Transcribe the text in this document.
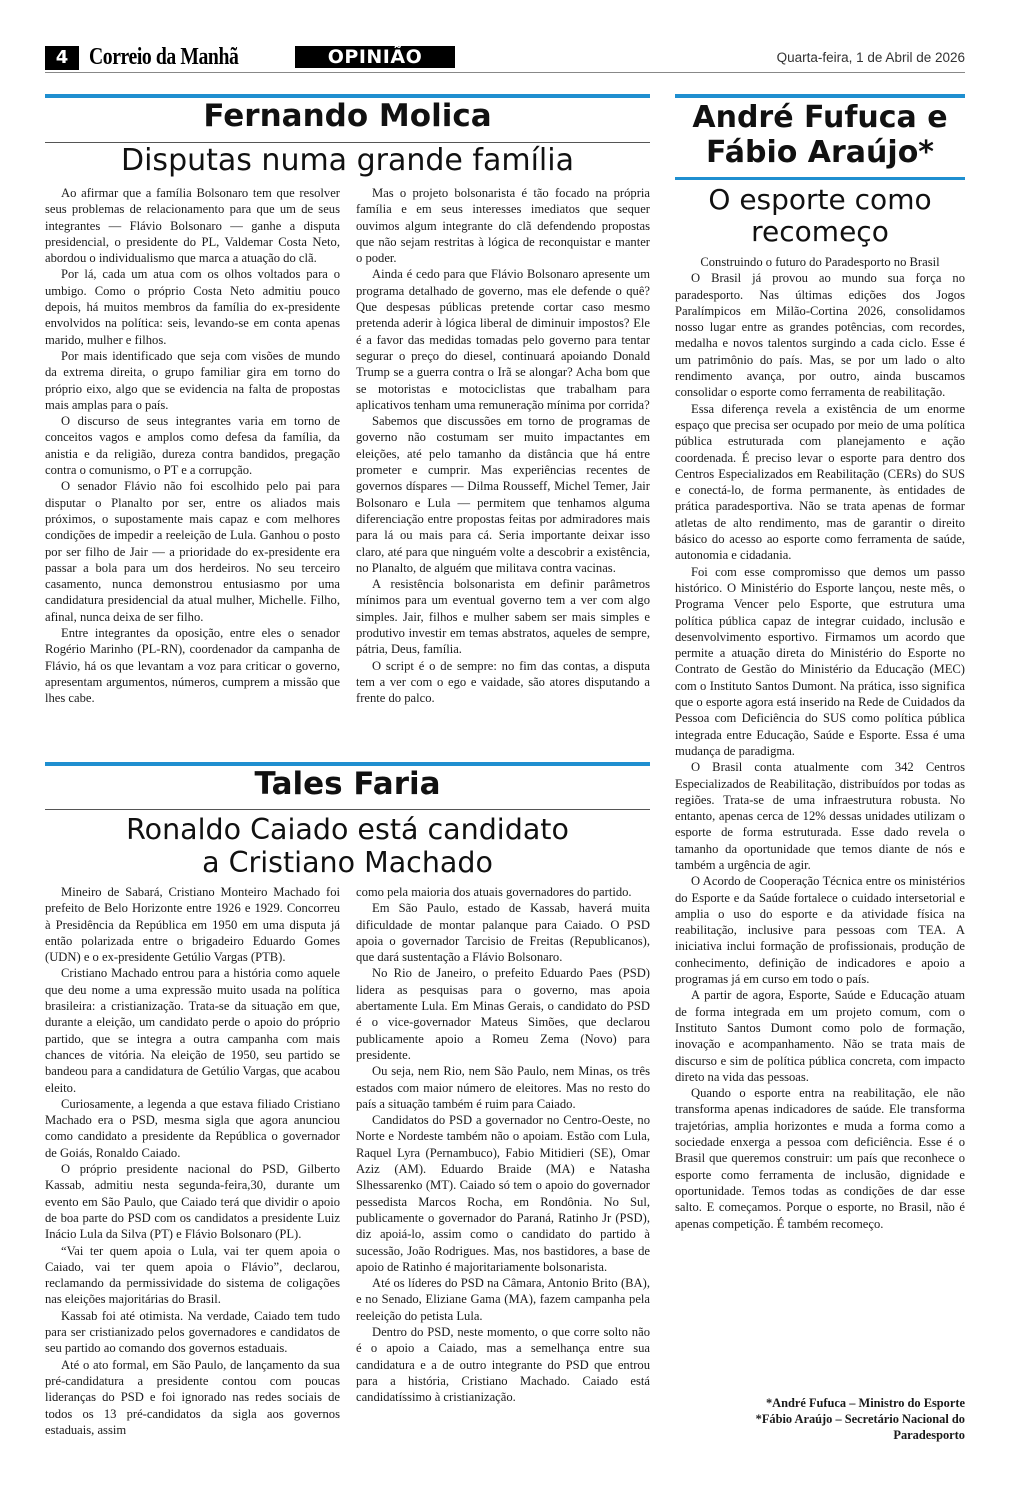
4 Correio da Manhã	OPINIÃO	Quarta-feira, 1 de Abril de 2026
Fernando Molica
Disputas numa grande família

Ao afirmar que a família Bolsonaro tem que resolver seus problemas de relacionamento para que um de seus integrantes — Flávio Bolsonaro — ganhe a disputa presidencial, o presidente do PL, Valdemar Costa Neto, abordou o individualismo que marca a atuação do clã.

Por lá, cada um atua com os olhos voltados para o umbigo. Como o próprio Costa Neto admitiu pouco depois, há muitos membros da família do ex-presidente envolvidos na política: seis, levando-se em conta apenas marido, mulher e filhos.

Por mais identificado que seja com visões de mundo da extrema direita, o grupo familiar gira em torno do próprio eixo, algo que se evidencia na falta de propostas mais amplas para o país.

O discurso de seus integrantes varia em torno de conceitos vagos e amplos como defesa da família, da anistia e da religião, dureza contra bandidos, pregação contra o comunismo, o PT e a corrupção.

O senador Flávio não foi escolhido pelo pai para disputar o Planalto por ser, entre os aliados mais próximos, o supostamente mais capaz e com melhores condições de impedir a reeleição de Lula. Ganhou o posto por ser filho de Jair — a prioridade do ex-presidente era passar a bola para um dos herdeiros. No seu terceiro casamento, nunca demonstrou entusiasmo por uma candidatura presidencial da atual mulher, Michelle. Filho, afinal, nunca deixa de ser filho.

Entre integrantes da oposição, entre eles o senador Rogério Marinho (PL-RN), coordenador da campanha de Flávio, há os que levantam a voz para criticar o governo, apresentam argumentos, números, cumprem a missão que lhes cabe.

Mas o projeto bolsonarista é tão focado na própria família e em seus interesses imediatos que sequer ouvimos algum integrante do clã defendendo propostas que não sejam restritas à lógica de reconquistar e manter o poder.

Ainda é cedo para que Flávio Bolsonaro apresente um programa detalhado de governo, mas ele defende o quê? Que despesas públicas pretende cortar caso mesmo pretenda aderir à lógica liberal de diminuir impostos? Ele é a favor das medidas tomadas pelo governo para tentar segurar o preço do diesel, continuará apoiando Donald Trump se a guerra contra o Irã se alongar? Acha bom que se motoristas e motociclistas que trabalham para aplicativos tenham uma remuneração mínima por corrida?

Sabemos que discussões em torno de programas de governo não costumam ser muito impactantes em eleições, até pelo tamanho da distância que há entre prometer e cumprir. Mas experiências recentes de governos díspares — Dilma Rousseff, Michel Temer, Jair Bolsonaro e Lula — permitem que tenhamos alguma diferenciação entre propostas feitas por admiradores mais para lá ou mais para cá. Seria importante deixar isso claro, até para que ninguém volte a descobrir a existência, no Planalto, de alguém que militava contra vacinas.

A resistência bolsonarista em definir parâmetros mínimos para um eventual governo tem a ver com algo simples. Jair, filhos e mulher sabem ser mais simples e produtivo investir em temas abstratos, aqueles de sempre, pátria, Deus, família.

O script é o de sempre: no fim das contas, a disputa tem a ver com o ego e vaidade, são atores disputando a frente do palco.

Tales Faria
Ronaldo Caiado está candidato
a Cristiano Machado

Mineiro de Sabará, Cristiano Monteiro Machado foi prefeito de Belo Horizonte entre 1926 e 1929. Concorreu à Presidência da República em 1950 em uma disputa já então polarizada entre o brigadeiro Eduardo Gomes (UDN) e o ex-presidente Getúlio Vargas (PTB).

Cristiano Machado entrou para a história como aquele que deu nome a uma expressão muito usada na política brasileira: a cristianização. Trata-se da situação em que, durante a eleição, um candidato perde o apoio do próprio partido, que se integra a outra campanha com mais chances de vitória. Na eleição de 1950, seu partido se bandeou para a candidatura de Getúlio Vargas, que acabou eleito.

Curiosamente, a legenda a que estava filiado Cristiano Machado era o PSD, mesma sigla que agora anunciou como candidato a presidente da República o governador de Goiás, Ronaldo Caiado.

O próprio presidente nacional do PSD, Gilberto Kassab, admitiu nesta segunda-feira,30, durante um evento em São Paulo, que Caiado terá que dividir o apoio de boa parte do PSD com os candidatos a presidente Luiz Inácio Lula da Silva (PT) e Flávio Bolsonaro (PL).

“Vai ter quem apoia o Lula, vai ter quem apoia o Caiado, vai ter quem apoia o Flávio”, declarou, reclamando da permissividade do sistema de coligações nas eleições majoritárias do Brasil.

Kassab foi até otimista. Na verdade, Caiado tem tudo para ser cristianizado pelos governadores e candidatos de seu partido ao comando dos governos estaduais.

Até o ato formal, em São Paulo, de lançamento da sua pré-candidatura a presidente contou com poucas lideranças do PSD e foi ignorado nas redes sociais de todos os 13 pré-candidatos da sigla aos governos estaduais, assim

como pela maioria dos atuais governadores do partido.

Em São Paulo, estado de Kassab, haverá muita dificuldade de montar palanque para Caiado. O PSD apoia o governador Tarcisio de Freitas (Republicanos), que dará sustentação a Flávio Bolsonaro.

No Rio de Janeiro, o prefeito Eduardo Paes (PSD) lidera as pesquisas para o governo, mas apoia abertamente Lula. Em Minas Gerais, o candidato do PSD é o vice-governador Mateus Simões, que declarou publicamente apoio a Romeu Zema (Novo) para presidente.

Ou seja, nem Rio, nem São Paulo, nem Minas, os três estados com maior número de eleitores. Mas no resto do país a situação também é ruim para Caiado.

Candidatos do PSD a governador no Centro-Oeste, no Norte e Nordeste também não o apoiam. Estão com Lula, Raquel Lyra (Pernambuco), Fabio Mitidieri (SE), Omar Aziz (AM). Eduardo Braide (MA) e Natasha Slhessarenko (MT). Caiado só tem o apoio do governador pessedista Marcos Rocha, em Rondônia. No Sul, publicamente o governador do Paraná, Ratinho Jr (PSD), diz apoiá-lo, assim como o candidato do partido à sucessão, João Rodrigues. Mas, nos bastidores, a base de apoio de Ratinho é majoritariamente bolsonarista.

Até os líderes do PSD na Câmara, Antonio Brito (BA), e no Senado, Eliziane Gama (MA), fazem campanha pela reeleição do petista Lula.

Dentro do PSD, neste momento, o que corre solto não é o apoio a Caiado, mas a semelhança entre sua candidatura e a de outro integrante do PSD que entrou para a história, Cristiano Machado. Caiado está candidatíssimo à cristianização.

André Fufuca e
Fábio Araújo*
O esporte como
recomeço

Construindo o futuro do Paradesporto no Brasil

O Brasil já provou ao mundo sua força no paradesporto. Nas últimas edições dos Jogos Paralímpicos em Milão-Cortina 2026, consolidamos nosso lugar entre as grandes potências, com recordes, medalha e novos talentos surgindo a cada ciclo. Esse é um patrimônio do país. Mas, se por um lado o alto rendimento avança, por outro, ainda buscamos consolidar o esporte como ferramenta de reabilitação.

Essa diferença revela a existência de um enorme espaço que precisa ser ocupado por meio de uma política pública estruturada com planejamento e ação coordenada. É preciso levar o esporte para dentro dos Centros Especializados em Reabilitação (CERs) do SUS e conectá-lo, de forma permanente, às entidades de prática paradesportiva. Não se trata apenas de formar atletas de alto rendimento, mas de garantir o direito básico do acesso ao esporte como ferramenta de saúde, autonomia e cidadania.

Foi com esse compromisso que demos um passo histórico. O Ministério do Esporte lançou, neste mês, o Programa Vencer pelo Esporte, que estrutura uma política pública capaz de integrar cuidado, inclusão e desenvolvimento esportivo. Firmamos um acordo que permite a atuação direta do Ministério do Esporte no Contrato de Gestão do Ministério da Educação (MEC) com o Instituto Santos Dumont. Na prática, isso significa que o esporte agora está inserido na Rede de Cuidados da Pessoa com Deficiência do SUS como política pública integrada entre Educação, Saúde e Esporte. Essa é uma mudança de paradigma.

O Brasil conta atualmente com 342 Centros Especializados de Reabilitação, distribuídos por todas as regiões. Trata-se de uma infraestrutura robusta. No entanto, apenas cerca de 12% dessas unidades utilizam o esporte de forma estruturada. Esse dado revela o tamanho da oportunidade que temos diante de nós e também a urgência de agir.

O Acordo de Cooperação Técnica entre os ministérios do Esporte e da Saúde fortalece o cuidado intersetorial e amplia o uso do esporte e da atividade física na reabilitação, inclusive para pessoas com TEA. A iniciativa inclui formação de profissionais, produção de conhecimento, definição de indicadores e apoio a programas já em curso em todo o país.

A partir de agora, Esporte, Saúde e Educação atuam de forma integrada em um projeto comum, com o Instituto Santos Dumont como polo de formação, inovação e acompanhamento. Não se trata mais de discurso e sim de política pública concreta, com impacto direto na vida das pessoas.

Quando o esporte entra na reabilitação, ele não transforma apenas indicadores de saúde. Ele transforma trajetórias, amplia horizontes e muda a forma como a sociedade enxerga a pessoa com deficiência. Esse é o Brasil que queremos construir: um país que reconhece o esporte como ferramenta de inclusão, dignidade e oportunidade. Temos todas as condições de dar esse salto. E começamos. Porque o esporte, no Brasil, não é apenas competição. É também recomeço.

*André Fufuca – Ministro do Esporte
*Fábio Araújo – Secretário Nacional do
Paradesporto
